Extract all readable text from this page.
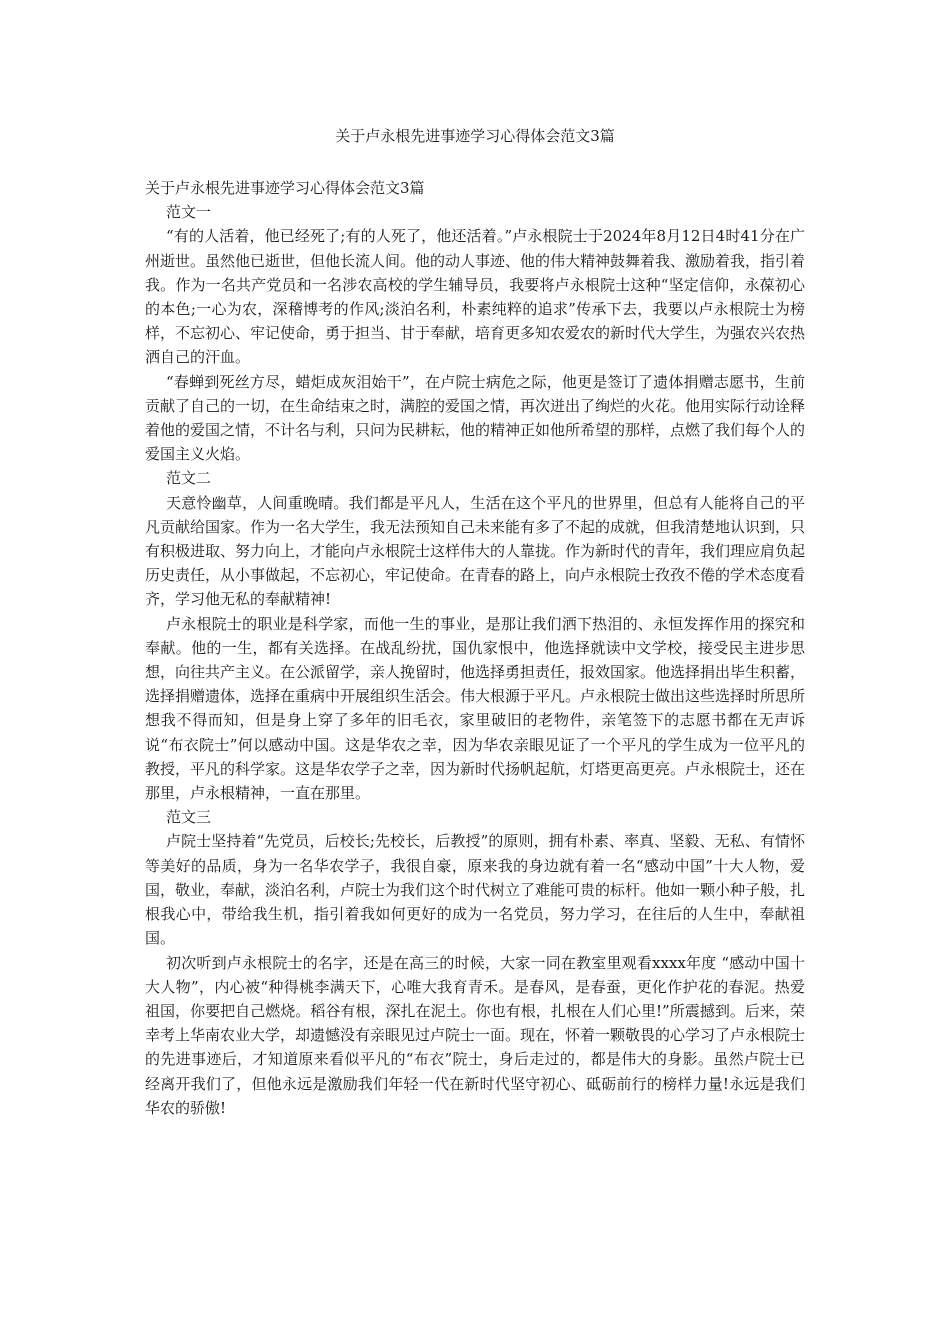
关于卢永根先进事迹学习心得体会范文3篇

关于卢永根先进事迹学习心得体会范文3篇

范文一

“有的人活着，他已经死了;有的人死了，他还活着。”卢永根院士于2024年8月12日4时41分在广州逝世。虽然他已逝世，但他长流人间。他的动人事迹、他的伟大精神鼓舞着我、激励着我，指引着我。作为一名共产党员和一名涉农高校的学生辅导员，我要将卢永根院士这种“坚定信仰，永葆初心的本色;一心为农，深稽博考的作风;淡泊名利，朴素纯粹的追求”传承下去，我要以卢永根院士为榜样，不忘初心、牢记使命，勇于担当、甘于奉献，培育更多知农爱农的新时代大学生，为强农兴农热洒自己的汗血。

“春蝉到死丝方尽，蜡炬成灰泪始干”，在卢院士病危之际，他更是签订了遗体捐赠志愿书，生前贡献了自己的一切，在生命结束之时，满腔的爱国之情，再次迸出了绚烂的火花。他用实际行动诠释着他的爱国之情，不计名与利，只问为民耕耘，他的精神正如他所希望的那样，点燃了我们每个人的爱国主义火焰。

范文二

天意怜幽草，人间重晚晴。我们都是平凡人，生活在这个平凡的世界里，但总有人能将自己的平凡贡献给国家。作为一名大学生，我无法预知自己未来能有多了不起的成就，但我清楚地认识到，只有积极进取、努力向上，才能向卢永根院士这样伟大的人靠拢。作为新时代的青年，我们理应肩负起历史责任，从小事做起，不忘初心，牢记使命。在青春的路上，向卢永根院士孜孜不倦的学术态度看齐，学习他无私的奉献精神!

卢永根院士的职业是科学家，而他一生的事业，是那让我们洒下热泪的、永恒发挥作用的探究和奉献。他的一生，都有关选择。在战乱纷扰，国仇家恨中，他选择就读中文学校，接受民主进步思想，向往共产主义。在公派留学，亲人挽留时，他选择勇担责任，报效国家。他选择捐出毕生积蓄，选择捐赠遗体，选择在重病中开展组织生活会。伟大根源于平凡。卢永根院士做出这些选择时所思所想我不得而知，但是身上穿了多年的旧毛衣，家里破旧的老物件，亲笔签下的志愿书都在无声诉说“布衣院士”何以感动中国。这是华农之幸，因为华农亲眼见证了一个平凡的学生成为一位平凡的教授，平凡的科学家。这是华农学子之幸，因为新时代扬帆起航，灯塔更高更亮。卢永根院士，还在那里，卢永根精神，一直在那里。

范文三

卢院士坚持着“先党员，后校长;先校长，后教授”的原则，拥有朴素、率真、坚毅、无私、有情怀等美好的品质，身为一名华农学子，我很自豪，原来我的身边就有着一名“感动中国”十大人物，爱国，敬业，奉献，淡泊名利，卢院士为我们这个时代树立了难能可贵的标杆。他如一颗小种子般，扎根我心中，带给我生机，指引着我如何更好的成为一名党员，努力学习，在往后的人生中，奉献祖国。

初次听到卢永根院士的名字，还是在高三的时候，大家一同在教室里观看xxxx年度 “感动中国十大人物”，内心被“种得桃李满天下，心唯大我育青禾。是春风，是春蚕，更化作护花的春泥。热爱祖国，你要把自己燃烧。稻谷有根，深扎在泥土。你也有根，扎根在人们心里!”所震撼到。后来，荣幸考上华南农业大学，却遗憾没有亲眼见过卢院士一面。现在，怀着一颗敬畏的心学习了卢永根院士的先进事迹后，才知道原来看似平凡的“布衣”院士，身后走过的，都是伟大的身影。虽然卢院士已经离开我们了，但他永远是激励我们年轻一代在新时代坚守初心、砥砺前行的榜样力量!永远是我们华农的骄傲!
